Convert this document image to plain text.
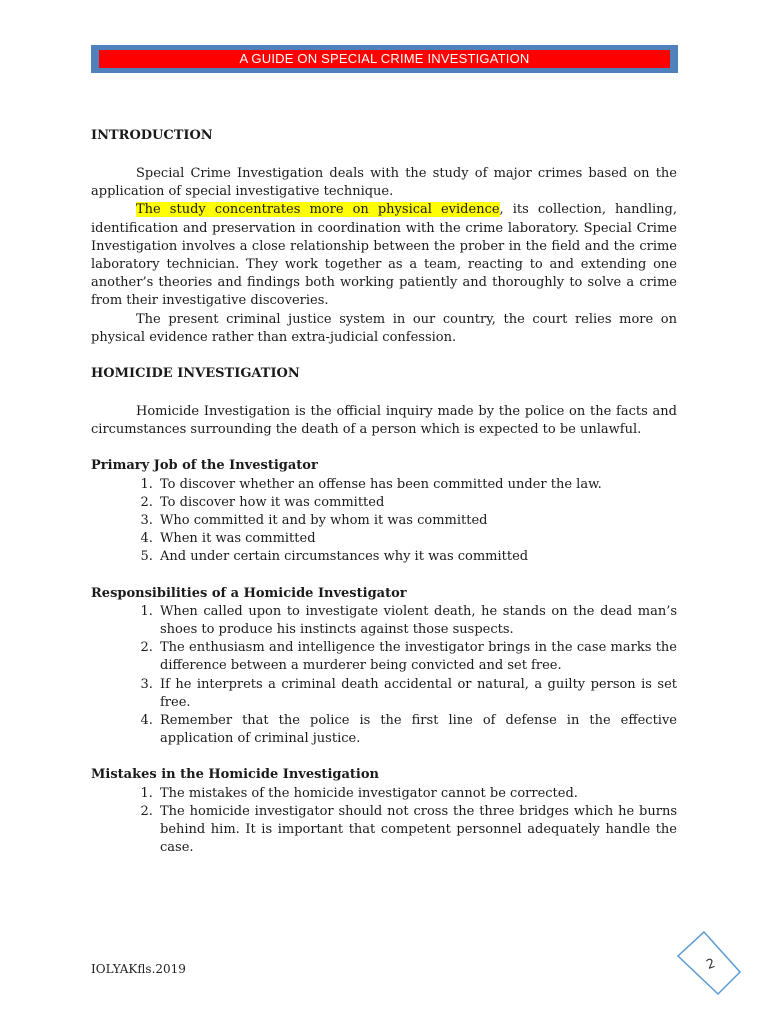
A GUIDE ON SPECIAL CRIME INVESTIGATION
INTRODUCTION

Special Crime Investigation deals with the study of major crimes based on the application of special investigative technique.

The study concentrates more on physical evidence, its collection, handling, identification and preservation in coordination with the crime laboratory. Special Crime Investigation involves a close relationship between the prober in the field and the crime laboratory technician. They work together as a team, reacting to and extending one another’s theories and findings both working patiently and thoroughly to solve a crime from their investigative discoveries.

The present criminal justice system in our country, the court relies more on physical evidence rather than extra-judicial confession.

HOMICIDE INVESTIGATION

Homicide Investigation is the official inquiry made by the police on the facts and circumstances surrounding the death of a person which is expected to be unlawful.

Primary Job of the Investigator
1. To discover whether an offense has been committed under the law.
2. To discover how it was committed
3. Who committed it and by whom it was committed
4. When it was committed
5. And under certain circumstances why it was committed
Responsibilities of a Homicide Investigator
1. When called upon to investigate violent death, he stands on the dead man’s shoes to produce his instincts against those suspects.
2. The enthusiasm and intelligence the investigator brings in the case marks the difference between a murderer being convicted and set free.
3. If he interprets a criminal death accidental or natural, a guilty person is set free.
4. Remember that the police is the first line of defense in the effective application of criminal justice.
Mistakes in the Homicide Investigation
1. The mistakes of the homicide investigator cannot be corrected.
2. The homicide investigator should not cross the three bridges which he burns behind him. It is important that competent personnel adequately handle the case.
IOLYAKfls.2019	2
